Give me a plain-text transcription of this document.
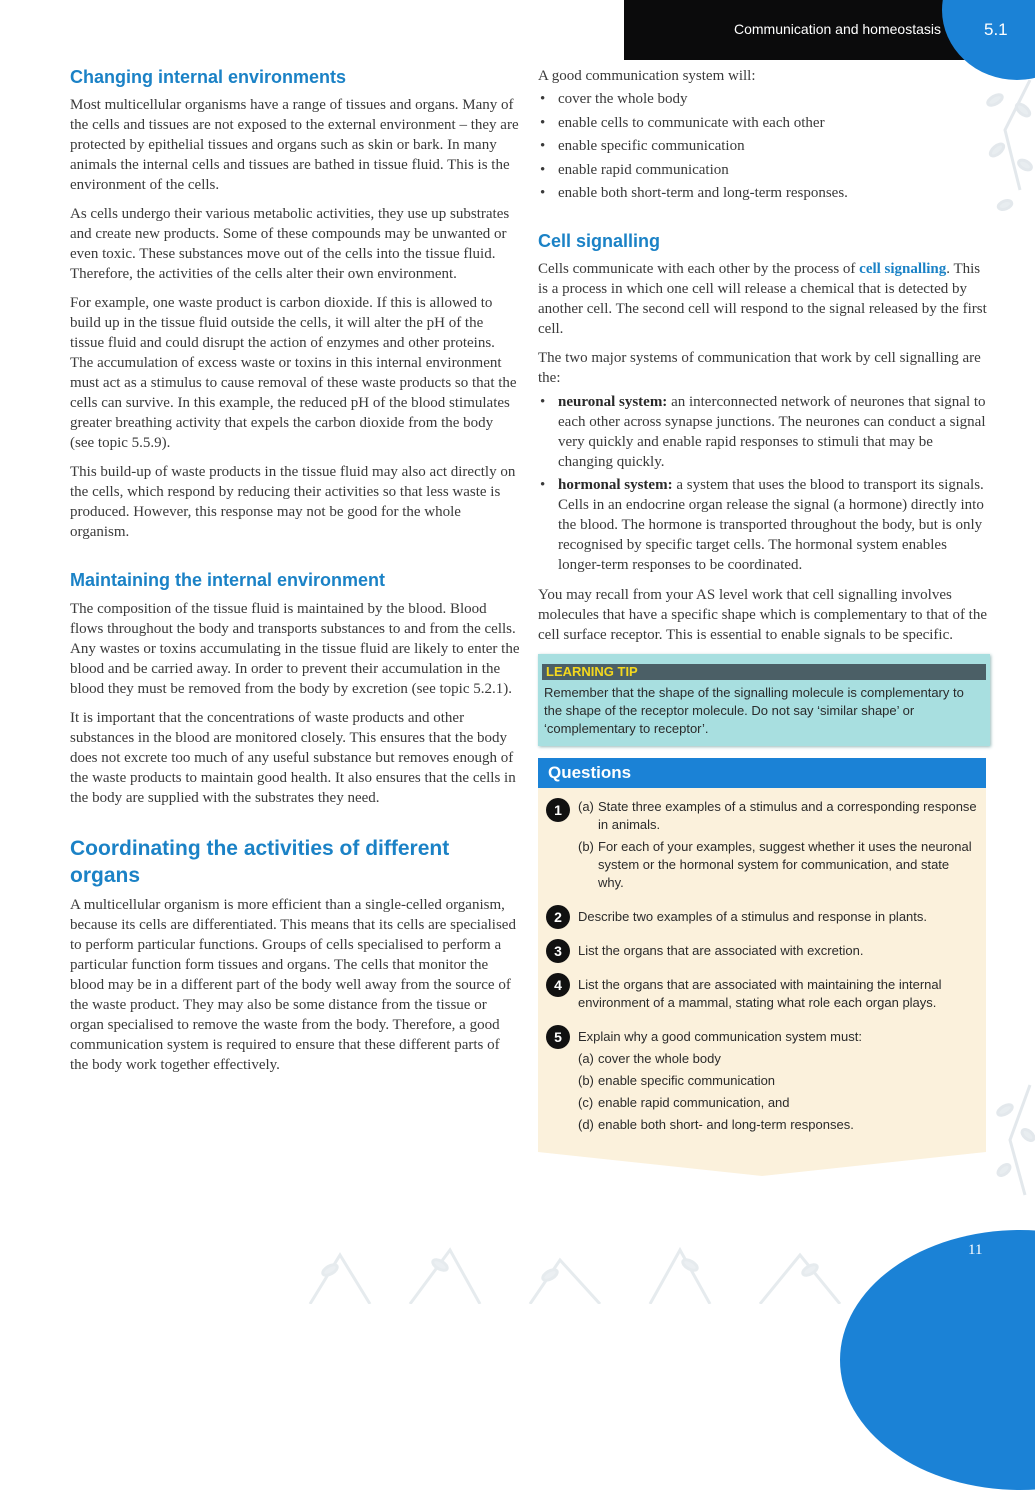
Communication and homeostasis	5.1
11
Changing internal environments

Most multicellular organisms have a range of tissues and organs. Many of the cells and tissues are not exposed to the external environment – they are protected by epithelial tissues and organs such as skin or bark. In many animals the internal cells and tissues are bathed in tissue fluid. This is the environment of the cells.

As cells undergo their various metabolic activities, they use up substrates and create new products. Some of these compounds may be unwanted or even toxic. These substances move out of the cells into the tissue fluid. Therefore, the activities of the cells alter their own environment.

For example, one waste product is carbon dioxide. If this is allowed to build up in the tissue fluid outside the cells, it will alter the pH of the tissue fluid and could disrupt the action of enzymes and other proteins. The accumulation of excess waste or toxins in this internal environment must act as a stimulus to cause removal of these waste products so that the cells can survive. In this example, the reduced pH of the blood stimulates greater breathing activity that expels the carbon dioxide from the body (see topic 5.5.9).

This build-up of waste products in the tissue fluid may also act directly on the cells, which respond by reducing their activities so that less waste is produced. However, this response may not be good for the whole organism.

Maintaining the internal environment

The composition of the tissue fluid is maintained by the blood. Blood flows throughout the body and transports substances to and from the cells. Any wastes or toxins accumulating in the tissue fluid are likely to enter the blood and be carried away. In order to prevent their accumulation in the blood they must be removed from the body by excretion (see topic 5.2.1).

It is important that the concentrations of waste products and other substances in the blood are monitored closely. This ensures that the body does not excrete too much of any useful substance but removes enough of the waste products to maintain good health. It also ensures that the cells in the body are supplied with the substrates they need.

Coordinating the activities of different organs

A multicellular organism is more efficient than a single-celled organism, because its cells are differentiated. This means that its cells are specialised to perform particular functions. Groups of cells specialised to perform a particular function form tissues and organs. The cells that monitor the blood may be in a different part of the body well away from the source of the waste product. They may also be some distance from the tissue or organ specialised to remove the waste from the body. Therefore, a good communication system is required to ensure that these different parts of the body work together effectively.

A good communication system will:

• cover the whole body
• enable cells to communicate with each other
• enable specific communication
• enable rapid communication
• enable both short-term and long-term responses.
Cell signalling

Cells communicate with each other by the process of cell signalling. This is a process in which one cell will release a chemical that is detected by another cell. The second cell will respond to the signal released by the first cell.

The two major systems of communication that work by cell signalling are the:

• neuronal system: an interconnected network of neurones that signal to each other across synapse junctions. The neurones can conduct a signal very quickly and enable rapid responses to stimuli that may be changing quickly.
• hormonal system: a system that uses the blood to transport its signals. Cells in an endocrine organ release the signal (a hormone) directly into the blood. The hormone is transported throughout the body, but is only recognised by specific target cells. The hormonal system enables longer-term responses to be coordinated.

You may recall from your AS level work that cell signalling involves molecules that have a specific shape which is complementary to that of the cell surface receptor. This is essential to enable signals to be specific.

LEARNING TIP
Remember that the shape of the signalling molecule is complementary to the shape of the receptor molecule. Do not say ‘similar shape’ or ‘complementary to receptor’.
Questions
1	(a) State three examples of a stimulus and a corresponding response in animals.
(b) For each of your examples, suggest whether it uses the neuronal system or the hormonal system for communication, and state why.
2	Describe two examples of a stimulus and response in plants.
3	List the organs that are associated with excretion.
4	List the organs that are associated with maintaining the internal environment of a mammal, stating what role each organ plays.
5	Explain why a good communication system must:
(a) cover the whole body
(b) enable specific communication
(c) enable rapid communication, and
(d) enable both short- and long-term responses.
